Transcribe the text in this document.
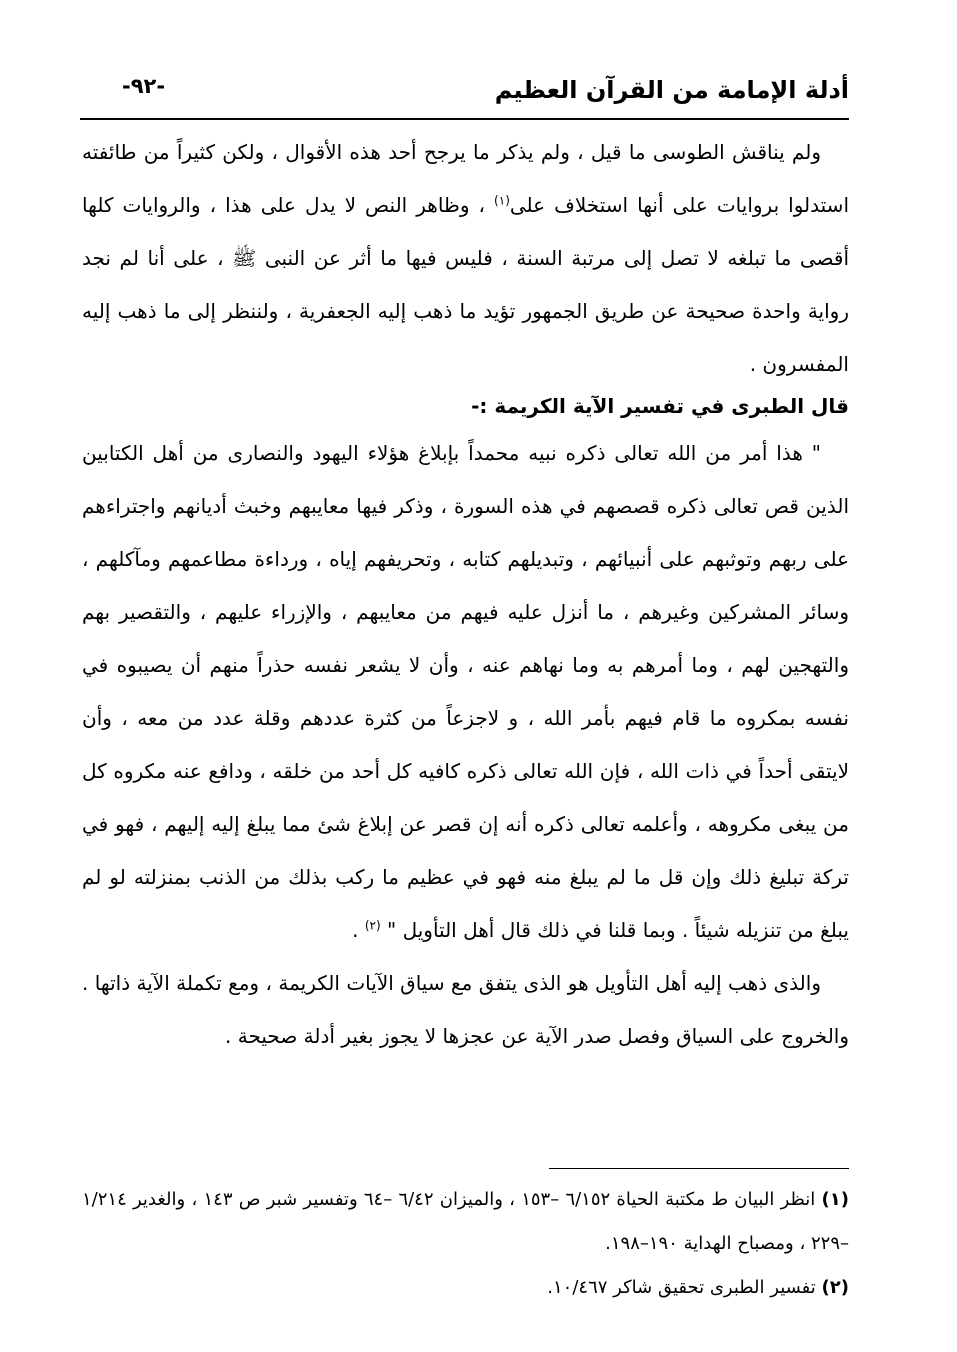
أدلة الإمامة من القرآن العظيم
-٩٢-

ولم يناقش الطوسى ما قيل ، ولم يذكر ما يرجح أحد هذه الأقوال ، ولكن كثيراً من طائفته استدلوا بروايات على أنها استخلاف على$^{(١)}$ ، وظاهر النص لا يدل على هذا ، والروايات كلها أقصى ما تبلغه لا تصل إلى مرتبة السنة ، فليس فيها ما أثر عن النبى ﷺ ، على أنا لم نجد رواية واحدة صحيحة عن طريق الجمهور تؤيد ما ذهب إليه الجعفرية ، ولننظر إلى ما ذهب إليه المفسرون .

قال الطبرى في تفسير الآية الكريمة :-

" هذا أمر من الله تعالى ذكره نبيه محمداً بإبلاغ هؤلاء اليهود والنصارى من أهل الكتابين الذين قص تعالى ذكره قصصهم في هذه السورة ، وذكر فيها معايبهم وخبث أديانهم واجتراءهم على ربهم وتوثبهم على أنبيائهم ، وتبديلهم كتابه ، وتحريفهم إياه ، ورداءة مطاعمهم ومآكلهم ، وسائر المشركين وغيرهم ، ما أنزل عليه فيهم من معايبهم ، والإزراء عليهم ، والتقصير بهم والتهجين لهم ، وما أمرهم به وما نهاهم عنه ، وأن لا يشعر نفسه حذراً منهم أن يصيبوه في نفسه بمكروه ما قام فيهم بأمر الله ، و لاجزعاً من كثرة عددهم وقلة عدد من معه ، وأن لايتقى أحداً في ذات الله ، فإن الله تعالى ذكره كافيه كل أحد من خلقه ، ودافع عنه مكروه كل من يبغى مكروهه ، وأعلمه تعالى ذكره أنه إن قصر عن إبلاغ شئ مما يبلغ إليه إليهم ، فهو في تركة تبليغ ذلك وإن قل ما لم يبلغ منه فهو في عظيم ما ركب بذلك من الذنب بمنزلته لو لم يبلغ من تنزيله شيئاً . وبما قلنا في ذلك قال أهل التأويل " $^{(٢)}$ .

والذى ذهب إليه أهل التأويل هو الذى يتفق مع سياق الآيات الكريمة ، ومع تكملة الآية ذاتها . والخروج على السياق وفصل صدر الآية عن عجزها لا يجوز بغير أدلة صحيحة .

(١) انظر البيان ط مكتبة الحياة ٦/١٥٢ –١٥٣ ، والميزان ٦/٤٢ –٦٤ وتفسير شبر ص ١٤٣ ، والغدير ١/٢١٤ –٢٢٩ ، ومصباح الهداية ١٩٠–١٩٨.

(٢) تفسير الطبرى تحقيق شاكر ١٠/٤٦٧.
